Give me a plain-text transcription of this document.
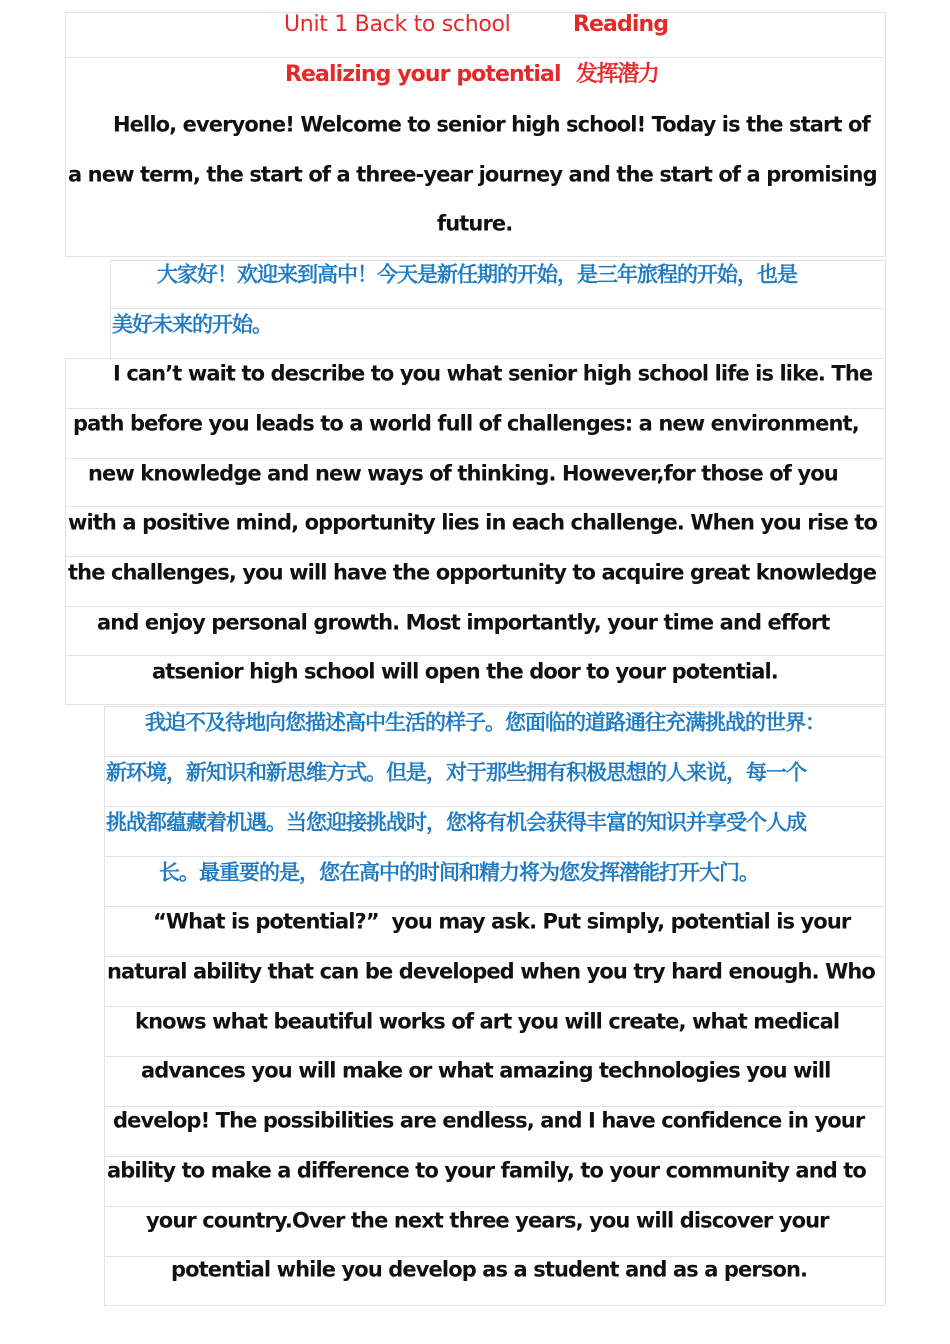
Unit 1 Back to school	Reading
Realizing your potential 发挥潜力
Hello, everyone! Welcome to senior high school! Today is the start of
a new term, the start of a three-year journey and the start of a promising
future.
大家好！欢迎来到高中！今天是新任期的开始，是三年旅程的开始，也是
美好未来的开始。
I can’t wait to describe to you what senior high school life is like. The
path before you leads to a world full of challenges: a new environment,
new knowledge and new ways of thinking. However,for those of you
with a positive mind, opportunity lies in each challenge. When you rise to
the challenges, you will have the opportunity to acquire great knowledge
and enjoy personal growth. Most importantly, your time and effort
atsenior high school will open the door to your potential.
我迫不及待地向您描述高中生活的样子。您面临的道路通往充满挑战的世界：
新环境，新知识和新思维方式。但是，对于那些拥有积极思想的人来说，每一个
挑战都蕴藏着机遇。当您迎接挑战时，您将有机会获得丰富的知识并享受个人成
长。最重要的是，您在高中的时间和精力将为您发挥潜能打开大门。
“What is potential?”  you may ask. Put simply, potential is your
natural ability that can be developed when you try hard enough. Who
knows what beautiful works of art you will create, what medical
advances you will make or what amazing technologies you will
develop! The possibilities are endless, and I have confidence in your
ability to make a difference to your family, to your community and to
your country.Over the next three years, you will discover your
potential while you develop as a student and as a person.
